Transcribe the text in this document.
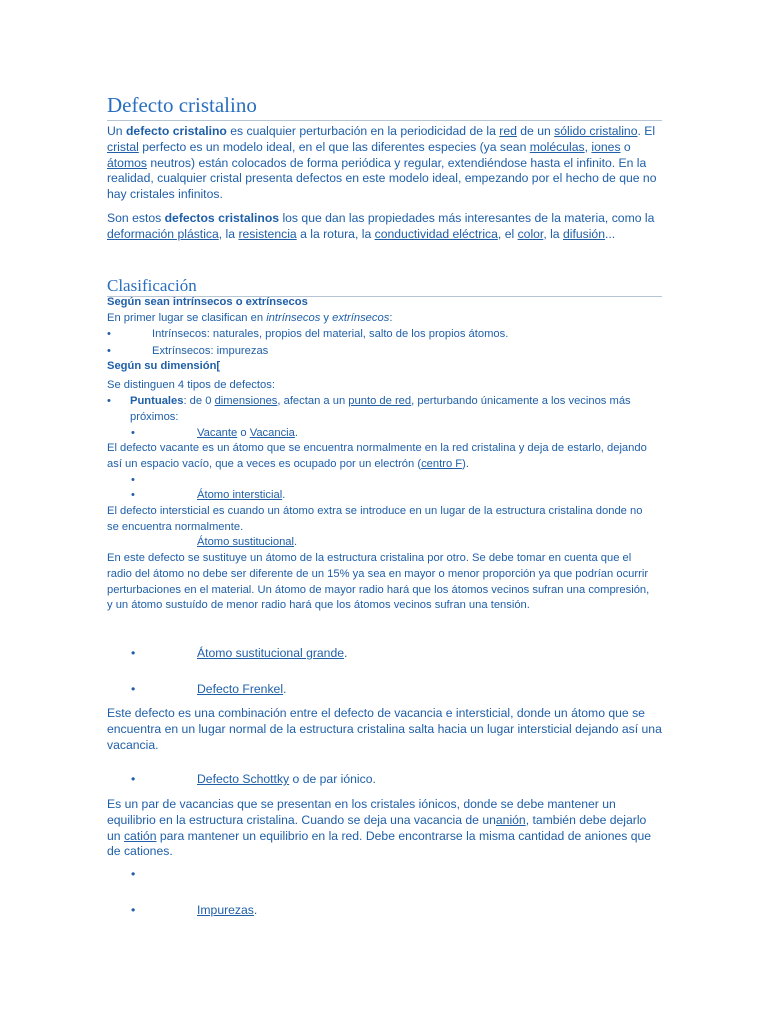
Defecto cristalino

Un defecto cristalino es cualquier perturbación en la periodicidad de la red de un sólido cristalino. El cristal perfecto es un modelo ideal, en el que las diferentes especies (ya sean moléculas, iones o átomos neutros) están colocados de forma periódica y regular, extendiéndose hasta el infinito. En la realidad, cualquier cristal presenta defectos en este modelo ideal, empezando por el hecho de que no hay cristales infinitos.

Son estos defectos cristalinos los que dan las propiedades más interesantes de la materia, como la deformación plástica, la resistencia a la rotura, la conductividad eléctrica, el color, la difusión...

Clasificación
Según sean intrínsecos o extrínsecos
En primer lugar se clasifican en intrínsecos y extrínsecos:
•	Intrínsecos: naturales, propios del material, salto de los propios átomos.
•	Extrínsecos: impurezas
Según su dimensión[
Se distinguen 4 tipos de defectos:
• Puntuales: de 0 dimensiones, afectan a un punto de red, perturbando únicamente a los vecinos más próximos:
•	Vacante o Vacancia.
El defecto vacante es un átomo que se encuentra normalmente en la red cristalina y deja de estarlo, dejando así un espacio vacío, que a veces es ocupado por un electrón (centro F).
•
•	Átomo intersticial.
El defecto intersticial es cuando un átomo extra se introduce en un lugar de la estructura cristalina donde no se encuentra normalmente.
Átomo sustitucional.
En este defecto se sustituye un átomo de la estructura cristalina por otro. Se debe tomar en cuenta que el radio del átomo no debe ser diferente de un 15% ya sea en mayor o menor proporción ya que podrían ocurrir perturbaciones en el material. Un átomo de mayor radio hará que los átomos vecinos sufran una compresión, y un átomo sustuído de menor radio hará que los átomos vecinos sufran una tensión.
•	Átomo sustitucional grande.
•	Defecto Frenkel.

Este defecto es una combinación entre el defecto de vacancia e intersticial, donde un átomo que se encuentra en un lugar normal de la estructura cristalina salta hacia un lugar intersticial dejando así una vacancia.

•	Defecto Schottky o de par iónico.

Es un par de vacancias que se presentan en los cristales iónicos, donde se debe mantener un equilibrio en la estructura cristalina. Cuando se deja una vacancia de unanión, también debe dejarlo un catión para mantener un equilibrio en la red. Debe encontrarse la misma cantidad de aniones que de cationes.

•
•	Impurezas.
